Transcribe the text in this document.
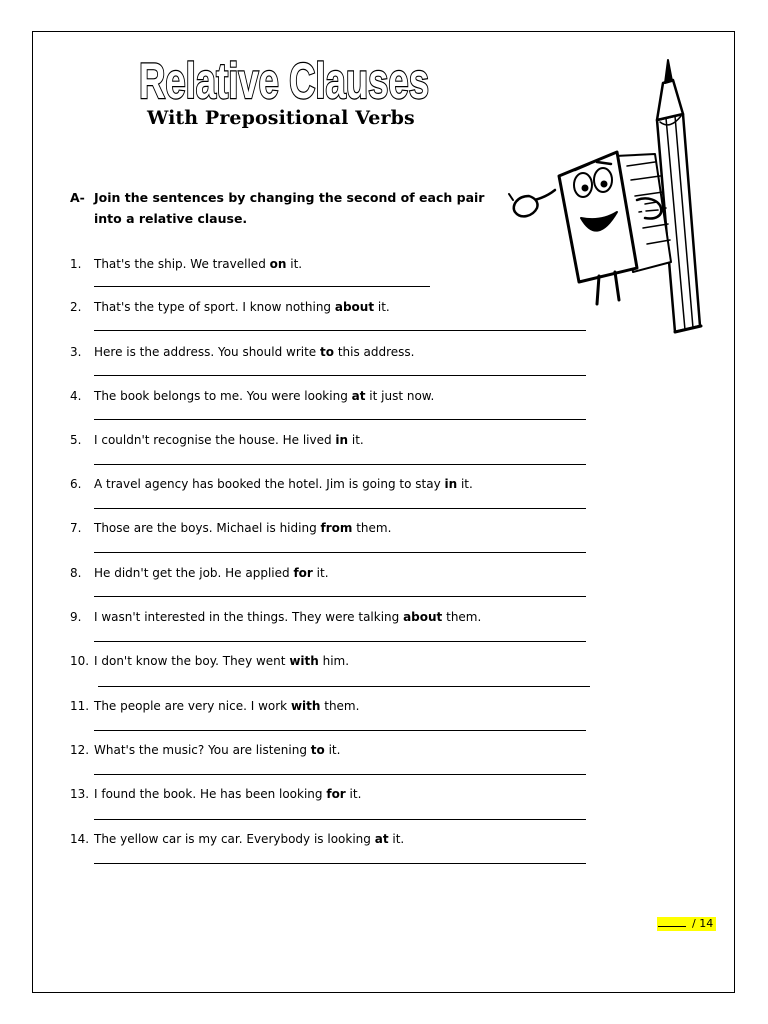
Relative Clauses
With Prepositional Verbs
A- Join the sentences by changing the second of each pair
into a relative clause.
1. That's the ship. We travelled on it.
2. That's the type of sport. I know nothing about it.
3. Here is the address. You should write to this address.
4. The book belongs to me. You were looking at it just now.
5. I couldn't recognise the house. He lived in it.
6. A travel agency has booked the hotel. Jim is going to stay in it.
7. Those are the boys. Michael is hiding from them.
8. He didn't get the job. He applied for it.
9. I wasn't interested in the things. They were talking about them.
10. I don't know the boy. They went with him.
11. The people are very nice. I work with them.
12. What's the music? You are listening to it.
13. I found the book. He has been looking for it.
14. The yellow car is my car. Everybody is looking at it.
/ 14
